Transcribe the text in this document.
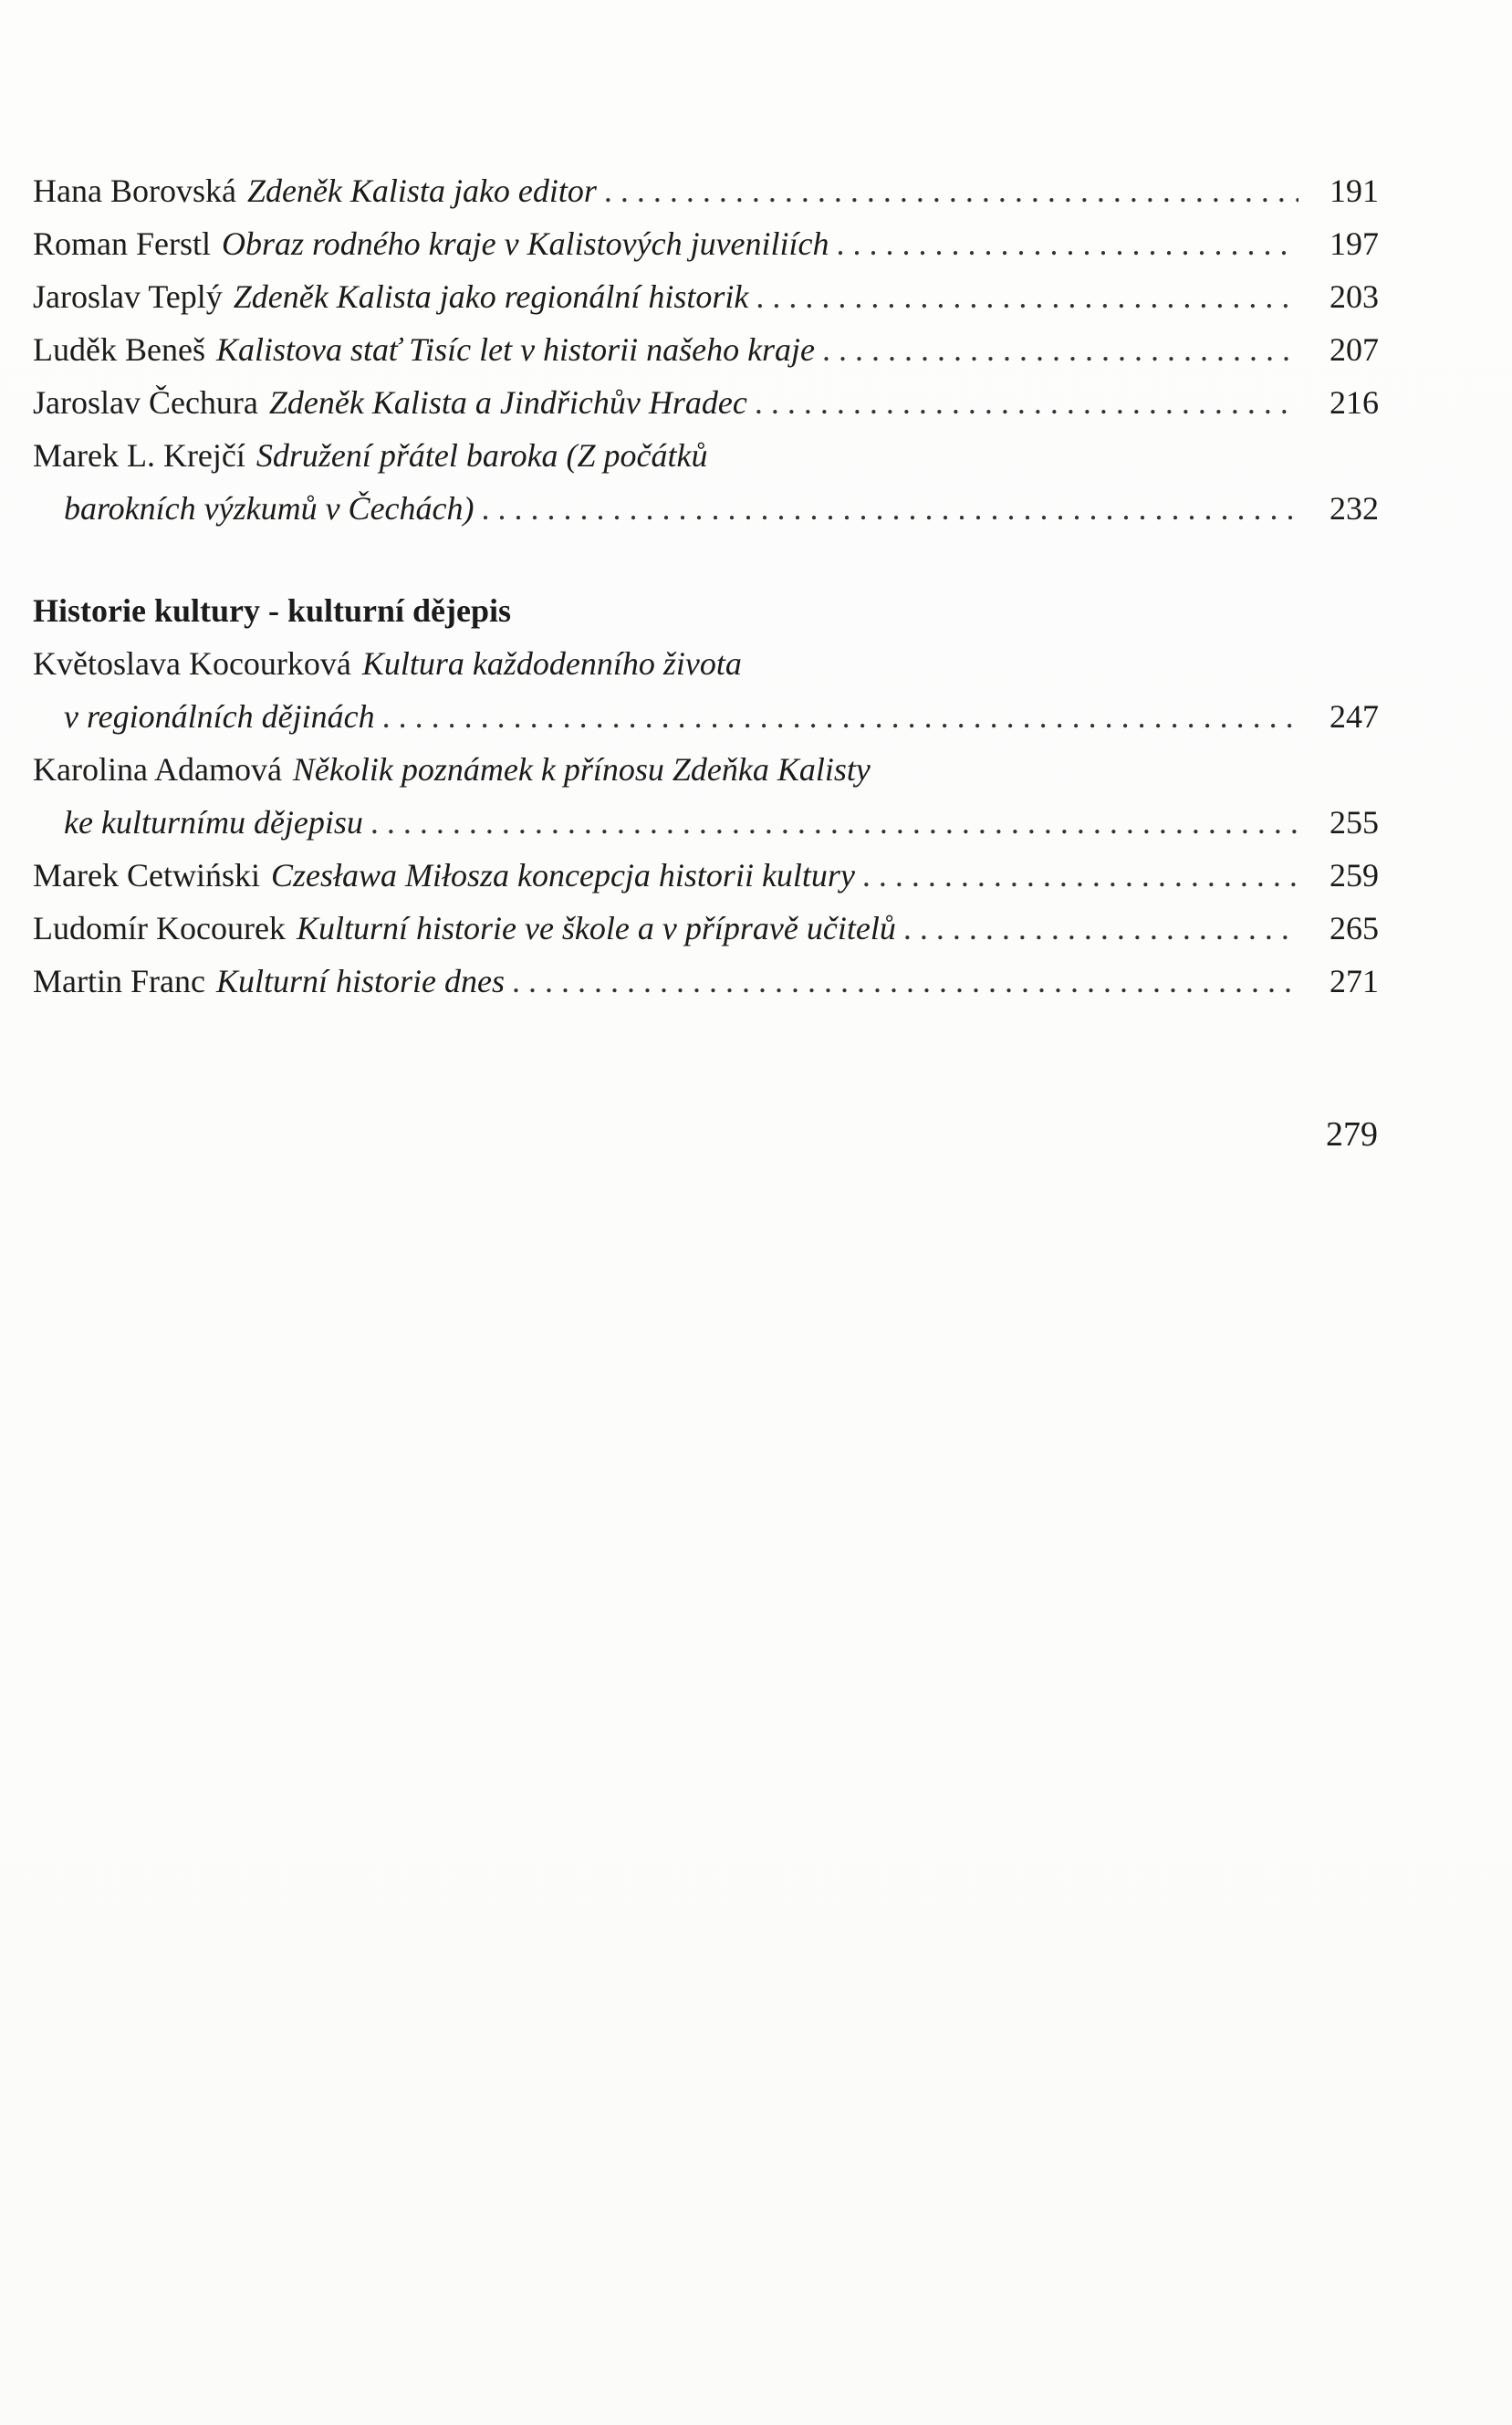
Hana Borovská Zdeněk Kalista jako editor . . .	191
Roman Ferstl Obraz rodného kraje v Kalistových juveniliích . . .	197
Jaroslav Teplý Zdeněk Kalista jako regionální historik . . .	203
Luděk Beneš Kalistova stať Tisíc let v historii našeho kraje . . .	207
Jaroslav Čechura Zdeněk Kalista a Jindřichův Hradec . . .	216
Marek L. Krejčí Sdružení přátel baroka (Z počátků
barokních výzkumů v Čechách) . . .	232
Historie kultury - kulturní dějepis
Květoslava Kocourková Kultura každodenního života
v regionálních dějinách . . .	247
Karolina Adamová Několik poznámek k přínosu Zdeňka Kalisty
ke kulturnímu dějepisu . . .	255
Marek Cetwiński Czesława Miłosza koncepcja historii kultury . . .	259
Ludomír Kocourek Kulturní historie ve škole a v přípravě učitelů . . .	265
Martin Franc Kulturní historie dnes . . .	271
279
